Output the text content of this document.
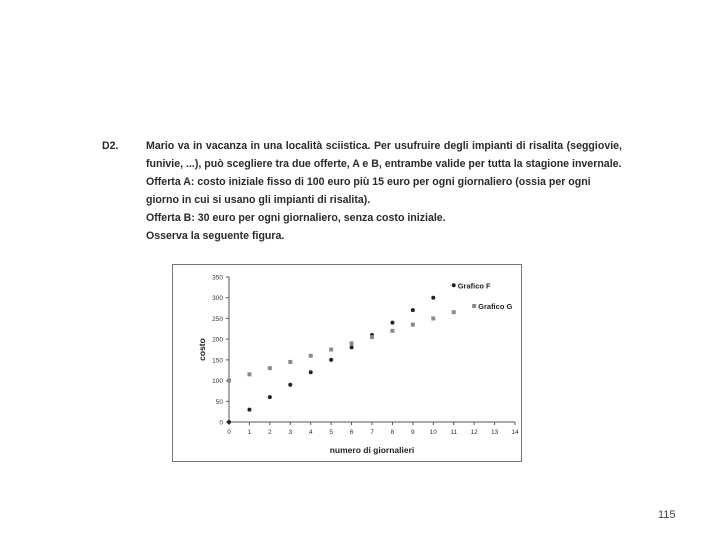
D2.	Mario va in vacanza in una località sciistica. Per usufruire degli impianti di risalita (seggiovie, funivie, ...), può scegliere tra due offerte, A e B, entrambe valide per tutta la stagione invernale.

Offerta A: costo iniziale fisso di 100 euro più 15 euro per ogni giornaliero (ossia per ogni giorno in cui si usano gli impianti di risalita).

Offerta B: 30 euro per ogni giornaliero, senza costo iniziale.

Osserva la seguente figura.

0
50
100
150
200
250
300
350
0	1	2	3	4	5	6	7	8	9 10 11 12 13 14
numero di giornalieri
costo
Grafico F
Grafico G
115
